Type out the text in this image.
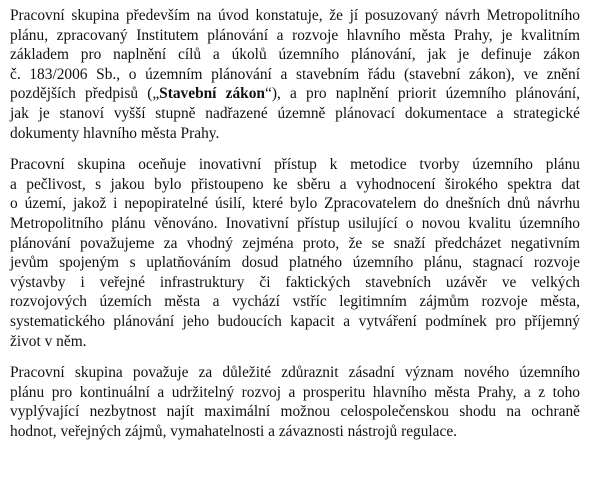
Pracovní skupina především na úvod konstatuje, že jí posuzovaný návrh Metropolitního
plánu, zpracovaný Institutem plánování a rozvoje hlavního města Prahy, je kvalitním
základem pro naplnění cílů a úkolů územního plánování, jak je definuje zákon
č. 183/2006 Sb., o územním plánování a stavebním řádu (stavební zákon), ve znění
pozdějších předpisů („Stavební zákon“), a pro naplnění priorit územního plánování,
jak je stanoví vyšší stupně nadřazené územně plánovací dokumentace a strategické
dokumenty hlavního města Prahy.

Pracovní skupina oceňuje inovativní přístup k metodice tvorby územního plánu
a pečlivost, s jakou bylo přistoupeno ke sběru a vyhodnocení širokého spektra dat
o území, jakož i nepopiratelné úsilí, které bylo Zpracovatelem do dnešních dnů návrhu
Metropolitního plánu věnováno. Inovativní přístup usilující o novou kvalitu územního
plánování považujeme za vhodný zejména proto, že se snaží předcházet negativním
jevům spojeným s uplatňováním dosud platného územního plánu, stagnací rozvoje
výstavby i veřejné infrastruktury či faktických stavebních uzávěr ve velkých
rozvojových územích města a vychází vstříc legitimním zájmům rozvoje města,
systematického plánování jeho budoucích kapacit a vytváření podmínek pro příjemný
život v něm.

Pracovní skupina považuje za důležité zdůraznit zásadní význam nového územního
plánu pro kontinuální a udržitelný rozvoj a prosperitu hlavního města Prahy, a z toho
vyplývající nezbytnost najít maximální možnou celospolečenskou shodu na ochraně
hodnot, veřejných zájmů, vymahatelnosti a závaznosti nástrojů regulace.
